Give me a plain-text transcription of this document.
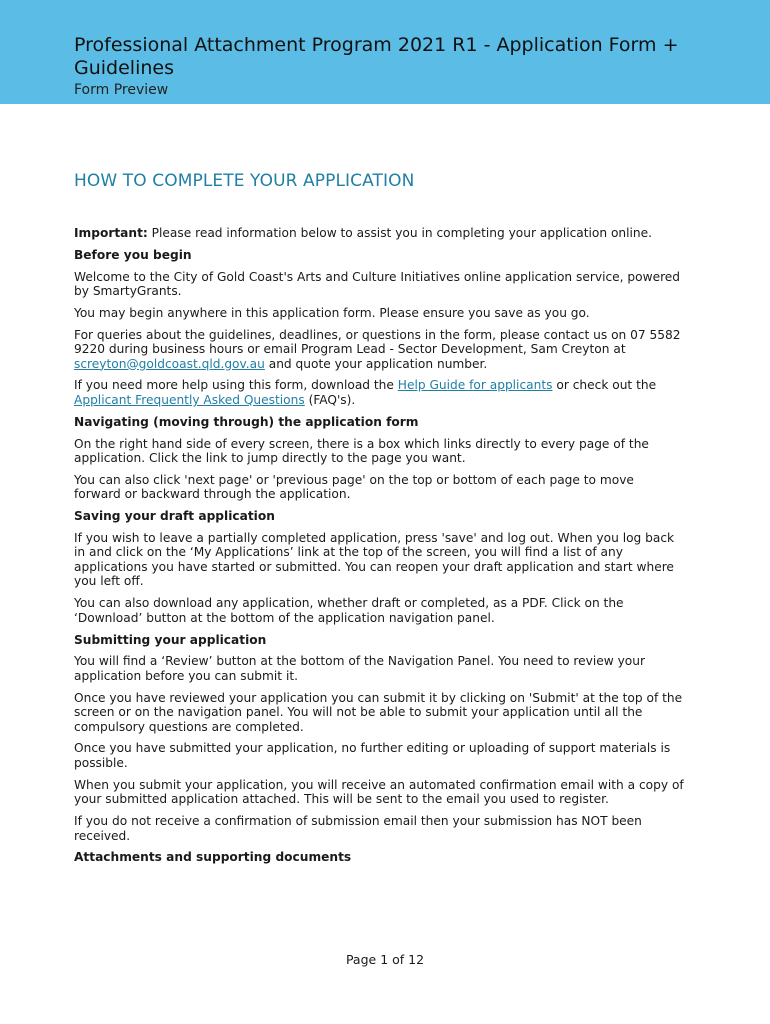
Professional Attachment Program 2021 R1 - Application Form + Guidelines
Form Preview
HOW TO COMPLETE YOUR APPLICATION

Important: Please read information below to assist you in completing your application online.

Before you begin

Welcome to the City of Gold Coast's Arts and Culture Initiatives online application service, powered by SmartyGrants.

You may begin anywhere in this application form. Please ensure you save as you go.

For queries about the guidelines, deadlines, or questions in the form, please contact us on 07 5582 9220 during business hours or email Program Lead - Sector Development, Sam Creyton at screyton@goldcoast.qld.gov.au and quote your application number.

If you need more help using this form, download the Help Guide for applicants or check out the Applicant Frequently Asked Questions (FAQ's).

Navigating (moving through) the application form

On the right hand side of every screen, there is a box which links directly to every page of the application. Click the link to jump directly to the page you want.

You can also click 'next page' or 'previous page' on the top or bottom of each page to move forward or backward through the application.

Saving your draft application

If you wish to leave a partially completed application, press 'save' and log out. When you log back in and click on the ‘My Applications’ link at the top of the screen, you will find a list of any applications you have started or submitted. You can reopen your draft application and start where you left off.

You can also download any application, whether draft or completed, as a PDF. Click on the ‘Download’ button at the bottom of the application navigation panel.

Submitting your application

You will find a ‘Review’ button at the bottom of the Navigation Panel. You need to review your application before you can submit it.

Once you have reviewed your application you can submit it by clicking on 'Submit' at the top of the screen or on the navigation panel. You will not be able to submit your application until all the compulsory questions are completed.

Once you have submitted your application, no further editing or uploading of support materials is possible.

When you submit your application, you will receive an automated confirmation email with a copy of your submitted application attached. This will be sent to the email you used to register.

If you do not receive a confirmation of submission email then your submission has NOT been received.

Attachments and supporting documents

Page 1 of 12
